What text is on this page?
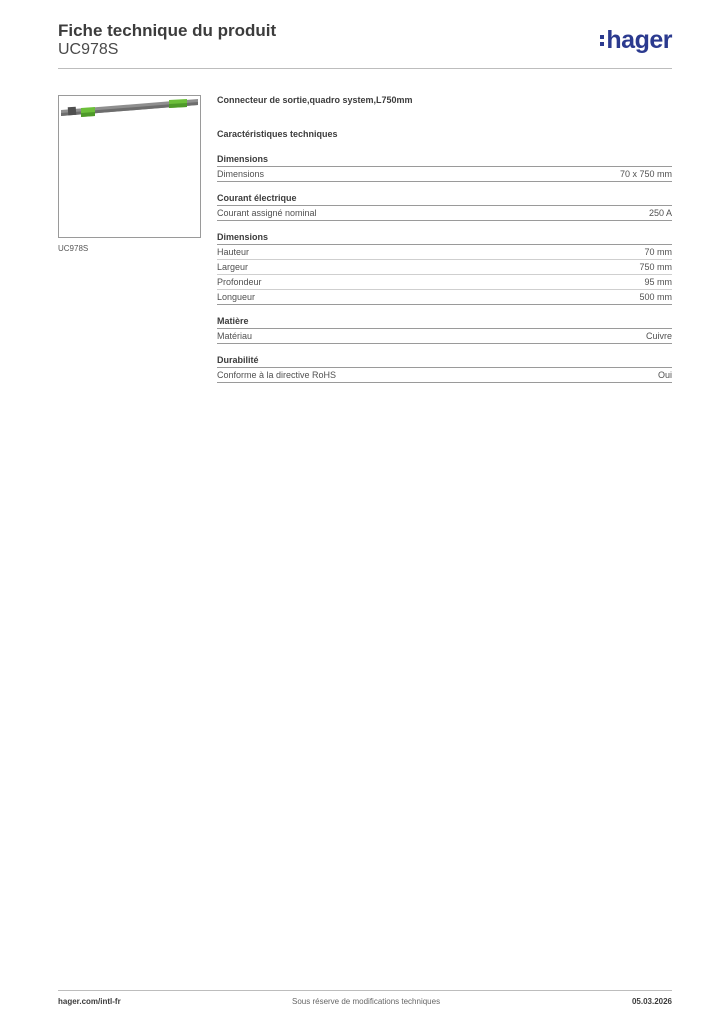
Fiche technique du produit
UC978S	hager
UC978S
Connecteur de sortie,quadro system,L750mm
Caractéristiques techniques
Dimensions
Dimensions	70 x 750 mm
Courant électrique
Courant assigné nominal	250 A
Dimensions
Hauteur	70 mm
Largeur	750 mm
Profondeur	95 mm
Longueur	500 mm
Matière
Matériau	Cuivre
Durabilité
Conforme à la directive RoHS	Oui
hager.com/intl-fr	Sous réserve de modifications techniques	05.03.2026
